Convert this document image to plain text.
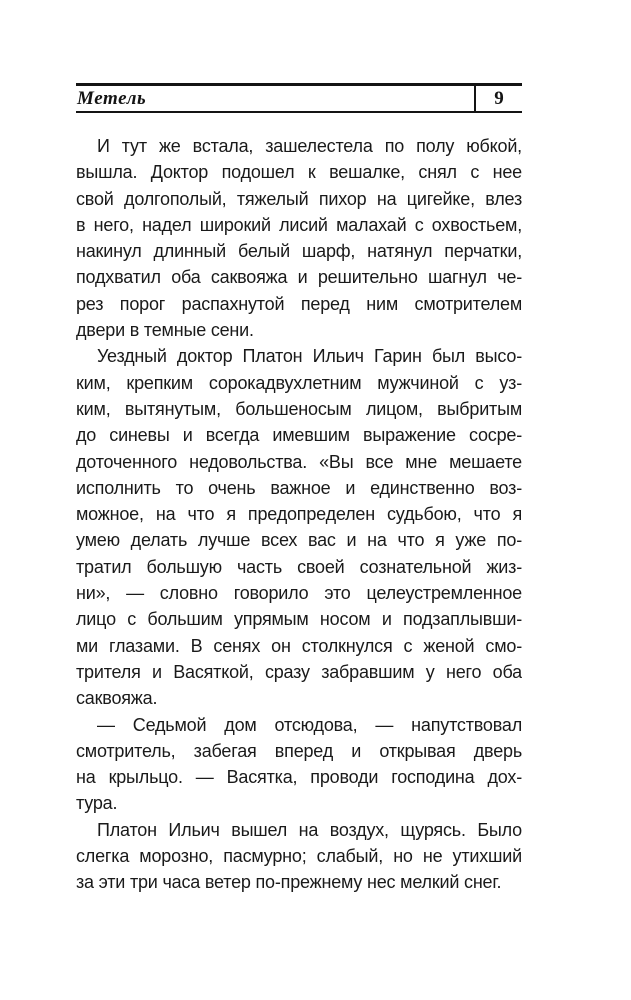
Метель	9
И тут же встала, зашелестела по полу юбкой,
вышла. Доктор подошел к вешалке, снял с нее
свой долгополый, тяжелый пихор на цигейке, влез
в него, надел широкий лисий малахай с охвостьем,
накинул длинный белый шарф, натянул перчатки,
подхватил оба саквояжа и решительно шагнул че-
рез порог распахнутой перед ним смотрителем
двери в темные сени.
Уездный доктор Платон Ильич Гарин был высо-
ким, крепким сорокадвухлетним мужчиной с уз-
ким, вытянутым, большеносым лицом, выбритым
до синевы и всегда имевшим выражение сосре-
доточенного недовольства. «Вы все мне мешаете
исполнить то очень важное и единственно воз-
можное, на что я предопределен судьбою, что я
умею делать лучше всех вас и на что я уже по-
тратил большую часть своей сознательной жиз-
ни», — словно говорило это целеустремленное
лицо с большим упрямым носом и подзаплывши-
ми глазами. В сенях он столкнулся с женой смо-
трителя и Васяткой, сразу забравшим у него оба
саквояжа.
— Седьмой дом отсюдова, — напутствовал
смотритель, забегая вперед и открывая дверь
на крыльцо. — Васятка, проводи господина дох-
тура.
Платон Ильич вышел на воздух, щурясь. Было
слегка морозно, пасмурно; слабый, но не утихший
за эти три часа ветер по-прежнему нес мелкий снег.
